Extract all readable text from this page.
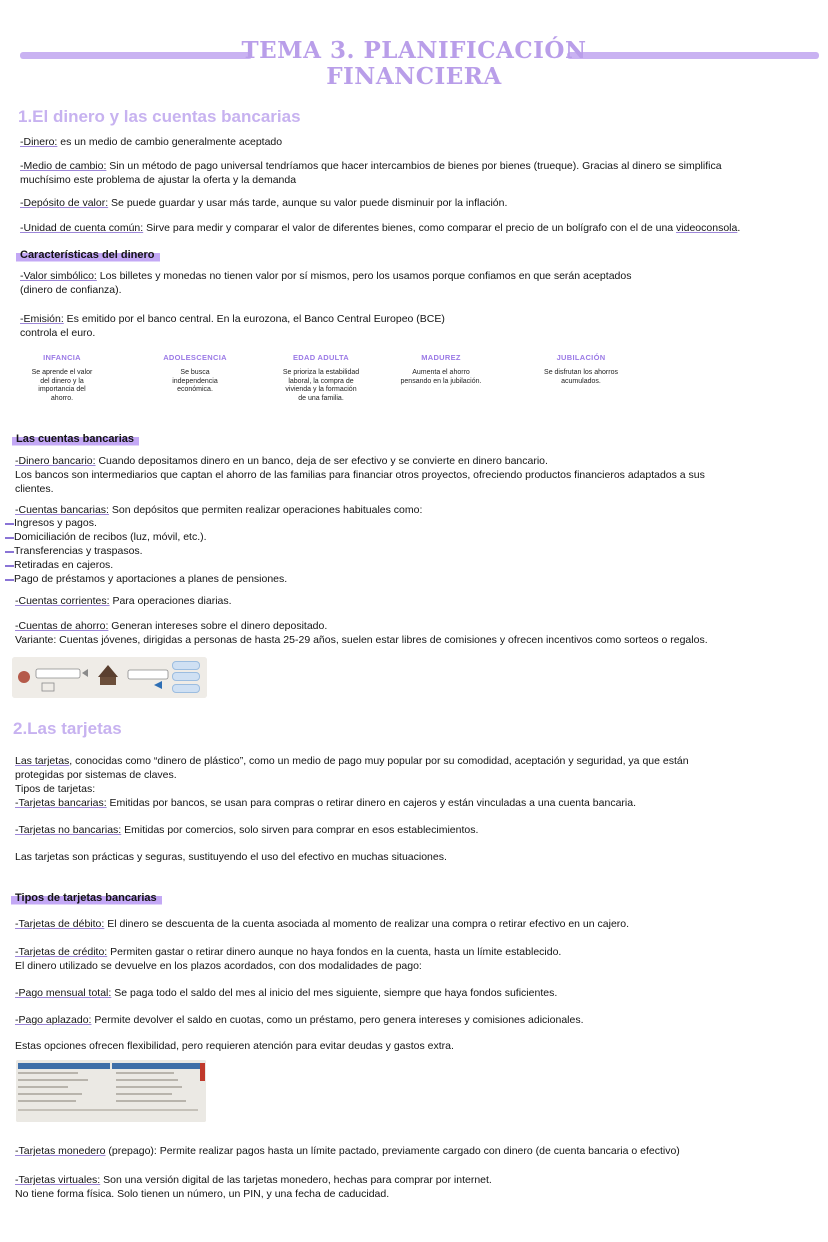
TEMA 3. PLANIFICACIÓN
FINANCIERA
1.El dinero y las cuentas bancarias
-Dinero: es un medio de cambio generalmente aceptado
-Medio de cambio: Sin un método de pago universal tendríamos que hacer intercambios de bienes por bienes (trueque). Gracias al dinero se simplifica
muchísimo este problema de ajustar la oferta y la demanda
-Depósito de valor: Se puede guardar y usar más tarde, aunque su valor puede disminuir por la inflación.
-Unidad de cuenta común: Sirve para medir y comparar el valor de diferentes bienes, como comparar el precio de un bolígrafo con el de una videoconsola.
Características del dinero
-Valor simbólico: Los billetes y monedas no tienen valor por sí mismos, pero los usamos porque confiamos en que serán aceptados
(dinero de confianza).
-Emisión: Es emitido por el banco central. En la eurozona, el Banco Central Europeo (BCE)
controla el euro.
INFANCIA
Se aprende el valor
del dinero y la
importancia del
ahorro.
ADOLESCENCIA
Se busca
independencia
económica.
EDAD ADULTA
Se prioriza la estabilidad
laboral, la compra de
vivienda y la formación
de una familia.
MADUREZ
Aumenta el ahorro
pensando en la jubilación.
JUBILACIÓN
Se disfrutan los ahorros
acumulados.
Las cuentas bancarias
-Dinero bancario: Cuando depositamos dinero en un banco, deja de ser efectivo y se convierte en dinero bancario.
Los bancos son intermediarios que captan el ahorro de las familias para financiar otros proyectos, ofreciendo productos financieros adaptados a sus
clientes.
-Cuentas bancarias: Son depósitos que permiten realizar operaciones habituales como:
Ingresos y pagos.
Domiciliación de recibos (luz, móvil, etc.).
Transferencias y traspasos.
Retiradas en cajeros.
Pago de préstamos y aportaciones a planes de pensiones.
-Cuentas corrientes: Para operaciones diarias.
-Cuentas de ahorro: Generan intereses sobre el dinero depositado.
Variante: Cuentas jóvenes, dirigidas a personas de hasta 25-29 años, suelen estar libres de comisiones y ofrecen incentivos como sorteos o regalos.
2.Las tarjetas
Las tarjetas, conocidas como “dinero de plástico”, como un medio de pago muy popular por su comodidad, aceptación y seguridad, ya que están
protegidas por sistemas de claves.
Tipos de tarjetas:
-Tarjetas bancarias: Emitidas por bancos, se usan para compras o retirar dinero en cajeros y están vinculadas a una cuenta bancaria.
-Tarjetas no bancarias: Emitidas por comercios, solo sirven para comprar en esos establecimientos.
Las tarjetas son prácticas y seguras, sustituyendo el uso del efectivo en muchas situaciones.
Tipos de tarjetas bancarias
-Tarjetas de débito: El dinero se descuenta de la cuenta asociada al momento de realizar una compra o retirar efectivo en un cajero.
-Tarjetas de crédito: Permiten gastar o retirar dinero aunque no haya fondos en la cuenta, hasta un límite establecido.
El dinero utilizado se devuelve en los plazos acordados, con dos modalidades de pago:
-Pago mensual total: Se paga todo el saldo del mes al inicio del mes siguiente, siempre que haya fondos suficientes.
-Pago aplazado: Permite devolver el saldo en cuotas, como un préstamo, pero genera intereses y comisiones adicionales.
Estas opciones ofrecen flexibilidad, pero requieren atención para evitar deudas y gastos extra.
-Tarjetas monedero (prepago): Permite realizar pagos hasta un límite pactado, previamente cargado con dinero (de cuenta bancaria o efectivo)
-Tarjetas virtuales: Son una versión digital de las tarjetas monedero, hechas para comprar por internet.
No tiene forma física. Solo tienen un número, un PIN, y una fecha de caducidad.
